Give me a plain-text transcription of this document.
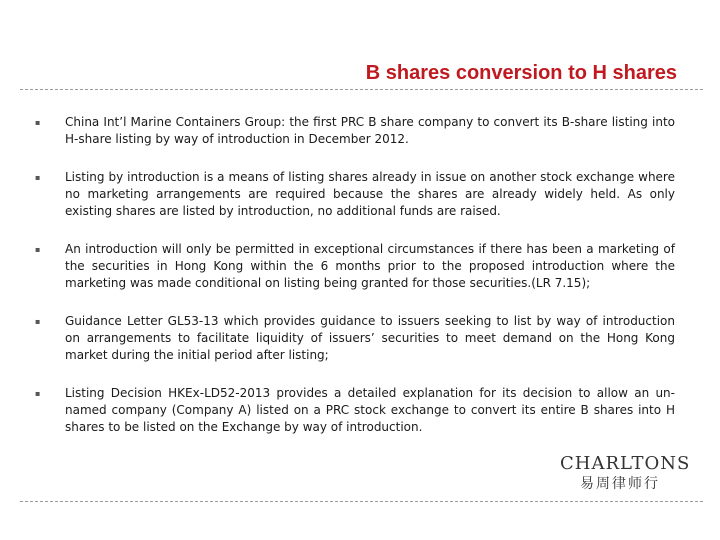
B shares conversion to H shares
▪	China Int’l Marine Containers Group: the first PRC B share company to convert its B-share listing into H-share listing by way of introduction in December 2012.
▪	Listing by introduction is a means of listing shares already in issue on another stock exchange where no marketing arrangements are required because the shares are already widely held. As only existing shares are listed by introduction, no additional funds are raised.
▪	An introduction will only be permitted in exceptional circumstances if there has been a marketing of the securities in Hong Kong within the 6 months prior to the proposed introduction where the marketing was made conditional on listing being granted for those securities.(LR 7.15);
▪	Guidance Letter GL53-13 which provides guidance to issuers seeking to list by way of introduction on arrangements to facilitate liquidity of issuers’ securities to meet demand on the Hong Kong market during the initial period after listing;
▪	Listing Decision HKEx-LD52-2013 provides a detailed explanation for its decision to allow an un-named company (Company A) listed on a PRC stock exchange to convert its entire B shares into H shares to be listed on the Exchange by way of introduction.
CHARLTONS
易周律师行
